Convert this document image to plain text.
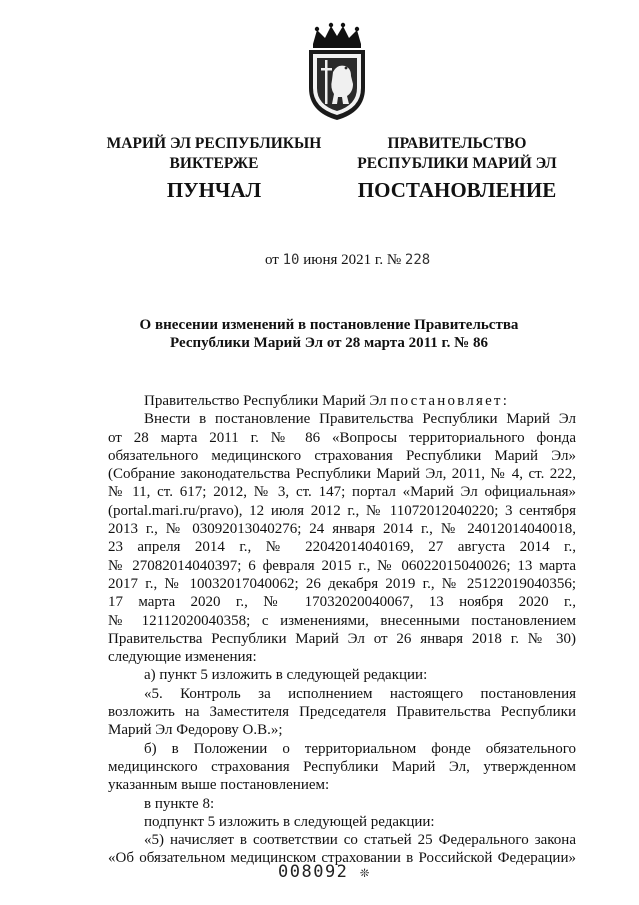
МАРИЙ ЭЛ РЕСПУБЛИКЫН
ВИКТЕРЖЕ
ПРАВИТЕЛЬСТВО
РЕСПУБЛИКИ МАРИЙ ЭЛ
ПУНЧАЛ	ПОСТАНОВЛЕНИЕ
от 10 июня 2021 г. № 228
О внесении изменений в постановление Правительства
Республики Марий Эл от 28 марта 2011 г. № 86

Правительство Республики Марий Эл постановляет:

Внести в постановление Правительства Республики Марий Эл

от 28 марта 2011 г. № 86 «Вопросы территориального фонда

обязательного медицинского страхования Республики Марий Эл»

(Собрание законодательства Республики Марий Эл, 2011, № 4, ст. 222,

№ 11, ст. 617; 2012, № 3, ст. 147; портал «Марий Эл официальная»

(portal.mari.ru/pravo), 12 июля 2012 г., № 11072012040220; 3 сентября

2013 г., № 03092013040276; 24 января 2014 г., № 24012014040018,

23 апреля 2014 г., № 22042014040169, 27 августа 2014 г.,

№ 27082014040397; 6 февраля 2015 г., № 06022015040026; 13 марта

2017 г., № 10032017040062; 26 декабря 2019 г., № 25122019040356;

17 марта 2020 г., № 17032020040067, 13 ноября 2020 г.,

№ 12112020040358; с изменениями, внесенными постановлением

Правительства Республики Марий Эл от 26 января 2018 г. № 30)

следующие изменения:

а) пункт 5 изложить в следующей редакции:

«5. Контроль за исполнением настоящего постановления

возложить на Заместителя Председателя Правительства Республики

Марий Эл Федорову О.В.»;

б) в Положении о территориальном фонде обязательного

медицинского страхования Республики Марий Эл, утвержденном

указанным выше постановлением:

в пункте 8:

подпункт 5 изложить в следующей редакции:

«5) начисляет в соответствии со статьей 25 Федерального закона

«Об обязательном медицинском страховании в Российской Федерации»

008092 ❊
